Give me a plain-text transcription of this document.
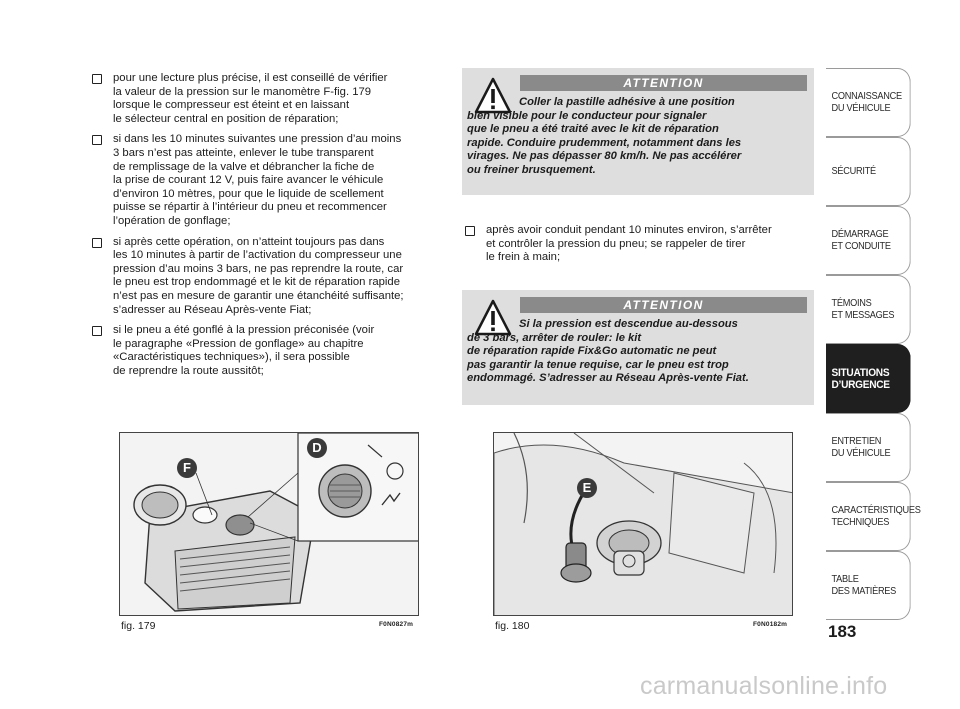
pour une lecture plus précise, il est conseillé de vérifier
la valeur de la pression sur le manomètre F-fig. 179
lorsque le compresseur est éteint et en laissant
le sélecteur central en position de réparation;
si dans les 10 minutes suivantes une pression d’au moins
3 bars n’est pas atteinte, enlever le tube transparent
de remplissage de la valve et débrancher la fiche de
la prise de courant 12 V, puis faire avancer le véhicule
d’environ 10 mètres, pour que le liquide de scellement
puisse se répartir à l’intérieur du pneu et recommencer
l’opération de gonflage;
si après cette opération, on n’atteint toujours pas dans
les 10 minutes à partir de l’activation du compresseur une
pression d’au moins 3 bars, ne pas reprendre la route, car
le pneu est trop endommagé et le kit de réparation rapide
n’est pas en mesure de garantir une étanchéité suffisante;
s’adresser au Réseau Après-vente Fiat;
si le pneu a été gonflé à la pression préconisée (voir
le paragraphe «Pression de gonflage» au chapitre
«Caractéristiques techniques»), il sera possible
de reprendre la route aussitôt;
ATTENTION
Coller la pastille adhésive à une position
bien visible pour le conducteur pour signaler
que le pneu a été traité avec le kit de réparation
rapide. Conduire prudemment, notamment dans les
virages. Ne pas dépasser 80 km/h. Ne pas accélérer
ou freiner brusquement.
après avoir conduit pendant 10 minutes environ, s’arrêter
et contrôler la pression du pneu; se rappeler de tirer
le frein à main;
ATTENTION
Si la pression est descendue au-dessous
de 3 bars, arrêter de rouler: le kit
de réparation rapide Fix&Go automatic ne peut
pas garantir la tenue requise, car le pneu est trop
endommagé. S’adresser au Réseau Après-vente Fiat.
F
D
fig. 179	F0N0827m
E
fig. 180	F0N0182m
CONNAISSANCE
DU VÉHICULE
SÉCURITÉ
DÉMARRAGE
ET CONDUITE
TÉMOINS
ET MESSAGES
SITUATIONS
D’URGENCE
ENTRETIEN
DU VÉHICULE
CARACTÉRISTIQUES
TECHNIQUES
TABLE
DES MATIÈRES
183
carmanualsonline.info
